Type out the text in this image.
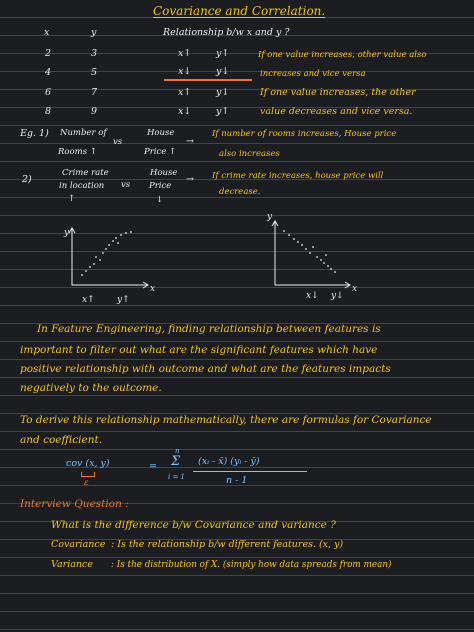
Covariance and Correlation.
x	y
2	3
4	5
6	7
8	9
Relationship b/w x and y ?
x↑	y↑
x↓	y↓
x↑	y↓
x↓	y↑
If one value increases, other value also
increases and vice versa
If one value increases, the other
value decreases and vice versa.
Eg. 1) Number of
vs
House
Rooms ↑	Price ↑
→
If number of rooms increases, House price
also increases
2)
Crime rate
in location
↑
vs
House
Price
↓
→ If crime rate increases, house price will
decrease.
y
x
x↑ y↑
y
x
x↓ y↓
In Feature Engineering, finding relationship between features is
important to filter out what are the significant features which have
positive relationship with outcome and what are the features impacts
negatively to the outcome.
To derive this relationship mathematically, there are formulas for Covariance
and coefficient.
cov (x, y)
ε
=
n
Σ
i = 1
(xᵢ - x̄) (yᵢ - ȳ)
n - 1
Interview Question :
What is the difference b/w Covariance and variance ?
Covariance : Is the relationship b/w different features. (x, y)
Variance : Is the distribution of X. (simply how data spreads from mean)
